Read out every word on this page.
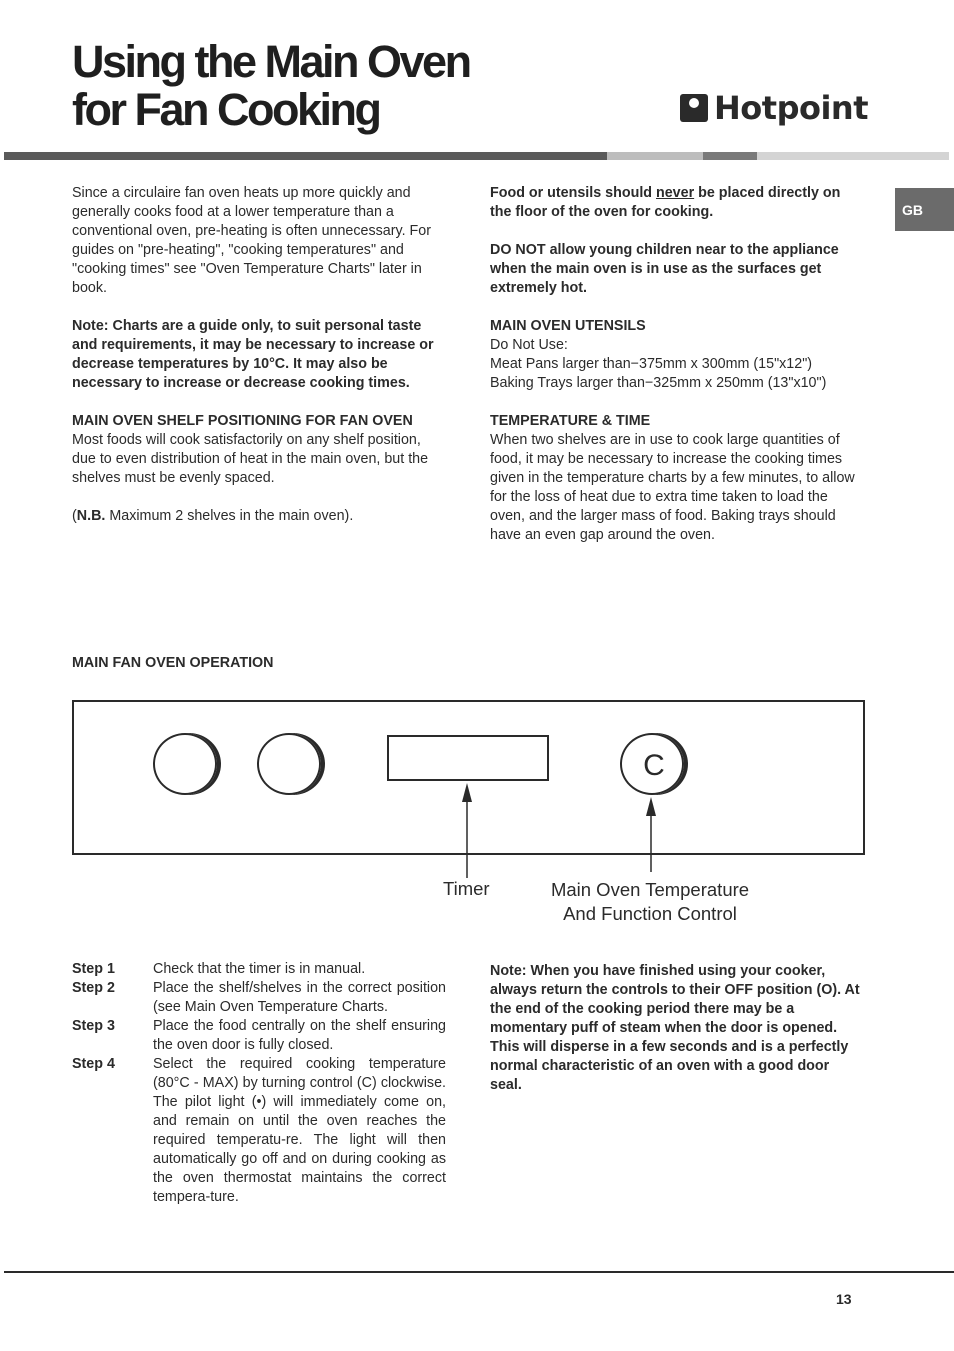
Using the Main Oven
for Fan Cooking	Hotpoint
GB

Since a circulaire fan oven heats up more quickly and generally cooks food at a lower temperature than a conventional oven, pre-heating is often unnecessary. For guides on "pre-heating", "cooking temperatures" and "cooking times" see "Oven Temperature Charts" later in book.

Note: Charts are a guide only, to suit personal taste and requirements, it may be necessary to increase or decrease temperatures by 10°C. It may also be necessary to increase or decrease cooking times.

MAIN OVEN SHELF POSITIONING FOR FAN OVEN
Most foods will cook satisfactorily on any shelf position, due to even distribution of heat in the main oven, but the shelves must be evenly spaced.

(N.B. Maximum 2 shelves in the main oven).

Food or utensils should never be placed directly on the floor of the oven for cooking.

DO NOT allow young children near to the appliance when the main oven is in use as the surfaces get extremely hot.

MAIN OVEN UTENSILS
Do Not Use:
Meat Pans larger than−375mm x 300mm (15"x12")
Baking Trays larger than−325mm x 250mm (13"x10")

TEMPERATURE & TIME
When two shelves are in use to cook large quantities of food, it may be necessary to increase the cooking times given in the temperature charts by a few minutes, to allow for the loss of heat due to extra time taken to load the oven, and the larger mass of food. Baking trays should have an even gap around the oven.

MAIN FAN OVEN OPERATION
C
Timer	Main Oven Temperature
And Function Control
Step 1	Check that the timer is in manual.
Step 2	Place the shelf/shelves in the correct position (see Main Oven Temperature Charts.
Step 3	Place the food centrally on the shelf ensuring the oven door is fully closed.
Step 4	Select the required cooking temperature (80°C - MAX) by turning control (C) clockwise. The pilot light (•) will immediately come on, and remain on until the oven reaches the required temperatu-re. The light will then automatically go off and on during cooking as the oven thermostat maintains the correct tempera-ture.
Note: When you have finished using your cooker, always return the controls to their OFF position (O). At the end of the cooking period there may be a momentary puff of steam when the door is opened. This will disperse in a few seconds and is a perfectly normal characteristic of an oven with a good door seal.
13
